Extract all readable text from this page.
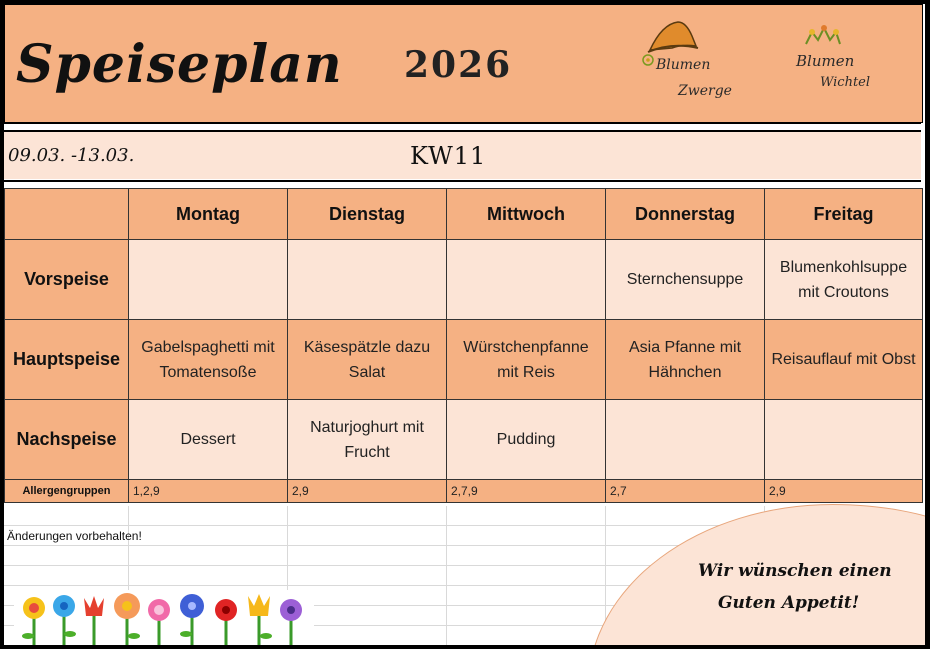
Speiseplan 2026	Blumen
Zwerge
Blumen
Wichtel
09.03. -13.03.	KW11
	Montag	Dienstag	Mittwoch	Donnerstag	Freitag
Vorspeise				Sternchensuppe	Blumenkohlsuppe mit Croutons
Hauptspeise	Gabelspaghetti mit Tomatensoße	Käsespätzle dazu Salat	Würstchenpfanne mit Reis	Asia Pfanne mit Hähnchen	Reisauflauf mit Obst
Nachspeise	Dessert	Naturjoghurt mit Frucht	Pudding		
Allergengruppen	1,2,9	2,9	2,7,9	2,7	2,9
Änderungen vorbehalten!
Wir wünschen einen
Guten Appetit!
